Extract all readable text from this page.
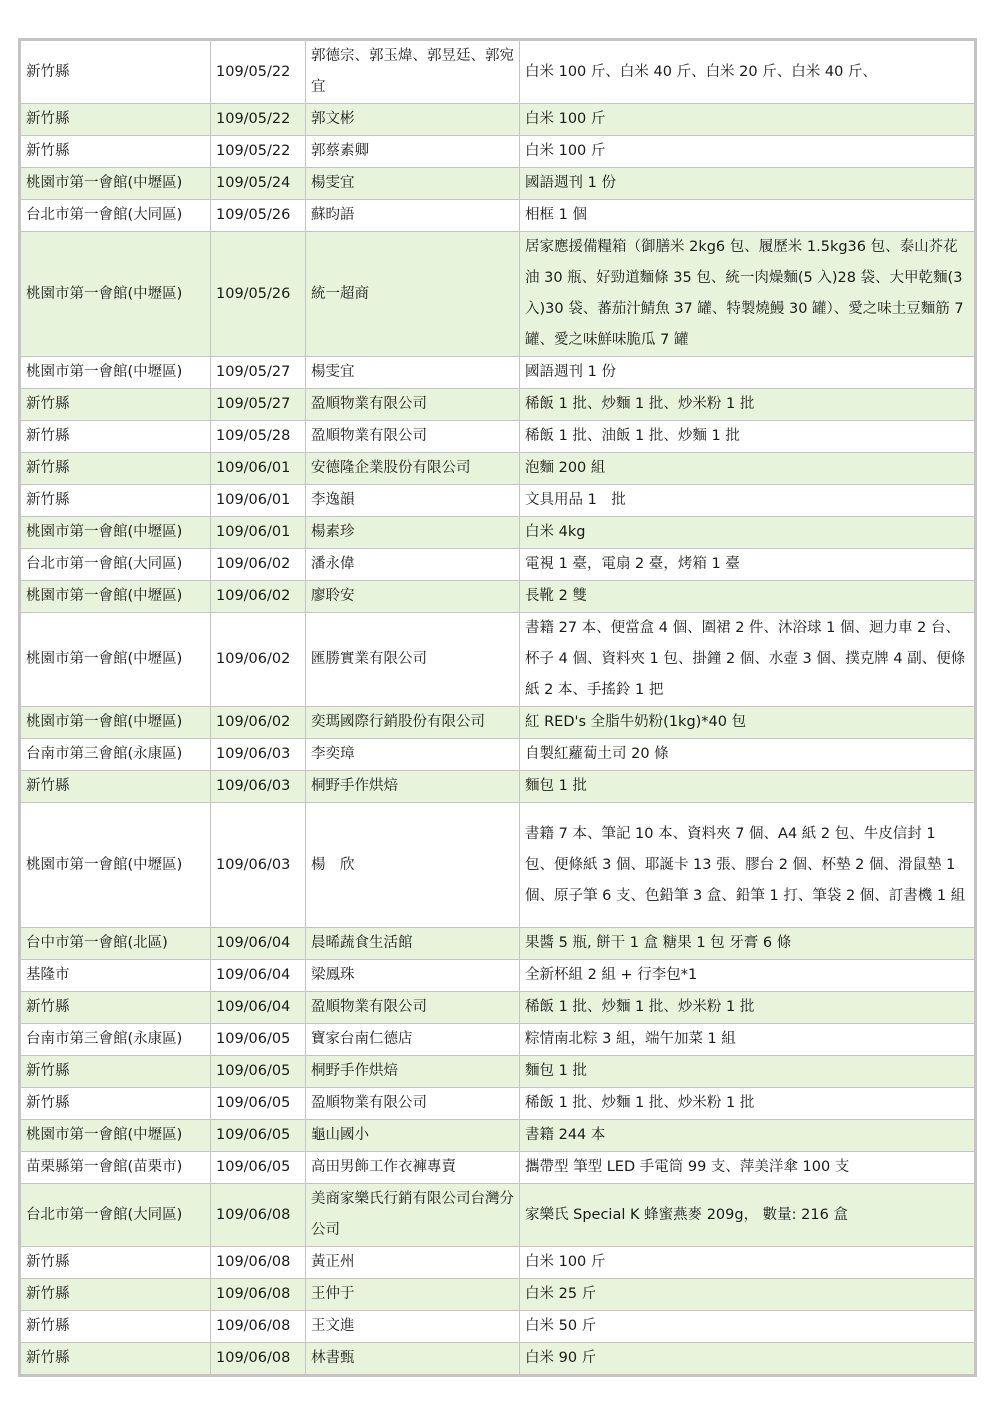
新竹縣	109/05/22	郭德宗、郭玉煒、郭昱廷、郭宛宜	白米 100 斤、白米 40 斤、白米 20 斤、白米 40 斤、
新竹縣	109/05/22	郭文彬	白米 100 斤
新竹縣	109/05/22	郭蔡素卿	白米 100 斤
桃園市第一會館(中壢區)	109/05/24	楊雯宜	國語週刊 1 份
台北市第一會館(大同區)	109/05/26	蘇昀語	相框 1 個
桃園市第一會館(中壢區)	109/05/26	統一超商	居家應援備糧箱（御膳米 2kg6 包、履歷米 1.5kg36 包、泰山芥花油 30 瓶、好勁道麵條 35 包、統一肉燥麵(5 入)28 袋、大甲乾麵(3 入)30 袋、蕃茄汁鯖魚 37 罐、特製燒鰻 30 罐）、愛之味土豆麵筋 7 罐、愛之味鮮味脆瓜 7 罐
桃園市第一會館(中壢區)	109/05/27	楊雯宜	國語週刊 1 份
新竹縣	109/05/27	盈順物業有限公司	稀飯 1 批、炒麵 1 批、炒米粉 1 批
新竹縣	109/05/28	盈順物業有限公司	稀飯 1 批、油飯 1 批、炒麵 1 批
新竹縣	109/06/01	安德隆企業股份有限公司	泡麵 200 組
新竹縣	109/06/01	李逸韻	文具用品 1　批
桃園市第一會館(中壢區)	109/06/01	楊素珍	白米 4kg
台北市第一會館(大同區)	109/06/02	潘永偉	電視 1 臺，電扇 2 臺，烤箱 1 臺
桃園市第一會館(中壢區)	109/06/02	廖聆安	長靴 2 雙
桃園市第一會館(中壢區)	109/06/02	匯勝實業有限公司	書籍 27 本、便當盒 4 個、圍裙 2 件、沐浴球 1 個、迴力車 2 台、杯子 4 個、資料夾 1 包、掛鐘 2 個、水壺 3 個、撲克牌 4 副、便條紙 2 本、手搖鈴 1 把
桃園市第一會館(中壢區)	109/06/02	奕瑪國際行銷股份有限公司	紅 RED's 全脂牛奶粉(1kg)*40 包
台南市第三會館(永康區)	109/06/03	李奕璋	自製紅蘿蔔土司 20 條
新竹縣	109/06/03	桐野手作烘焙	麵包 1 批
桃園市第一會館(中壢區)	109/06/03	楊　欣	書籍 7 本、筆記 10 本、資料夾 7 個、A4 紙 2 包、牛皮信封 1 包、便條紙 3 個、耶誕卡 13 張、膠台 2 個、杯墊 2 個、滑鼠墊 1 個、原子筆 6 支、色鉛筆 3 盒、鉛筆 1 打、筆袋 2 個、訂書機 1 組
台中市第一會館(北區)	109/06/04	晨晞蔬食生活館	果醬 5 瓶, 餅干 1 盒 糖果 1 包 牙膏 6 條
基隆市	109/06/04	梁鳳珠	全新杯組 2 組 + 行李包*1
新竹縣	109/06/04	盈順物業有限公司	稀飯 1 批、炒麵 1 批、炒米粉 1 批
台南市第三會館(永康區)	109/06/05	寶家台南仁德店	粽情南北粽 3 組，端午加菜 1 組
新竹縣	109/06/05	桐野手作烘焙	麵包 1 批
新竹縣	109/06/05	盈順物業有限公司	稀飯 1 批、炒麵 1 批、炒米粉 1 批
桃園市第一會館(中壢區)	109/06/05	龜山國小	書籍 244 本
苗栗縣第一會館(苗栗市)	109/06/05	高田男飾工作衣褲專賣	攜帶型 筆型 LED 手電筒 99 支、萍美洋傘 100 支
台北市第一會館(大同區)	109/06/08	美商家樂氏行銷有限公司台灣分公司	家樂氏 Special K 蜂蜜燕麥 209g， 數量: 216 盒
新竹縣	109/06/08	黃正州	白米 100 斤
新竹縣	109/06/08	王仲于	白米 25 斤
新竹縣	109/06/08	王文進	白米 50 斤
新竹縣	109/06/08	林書甄	白米 90 斤
